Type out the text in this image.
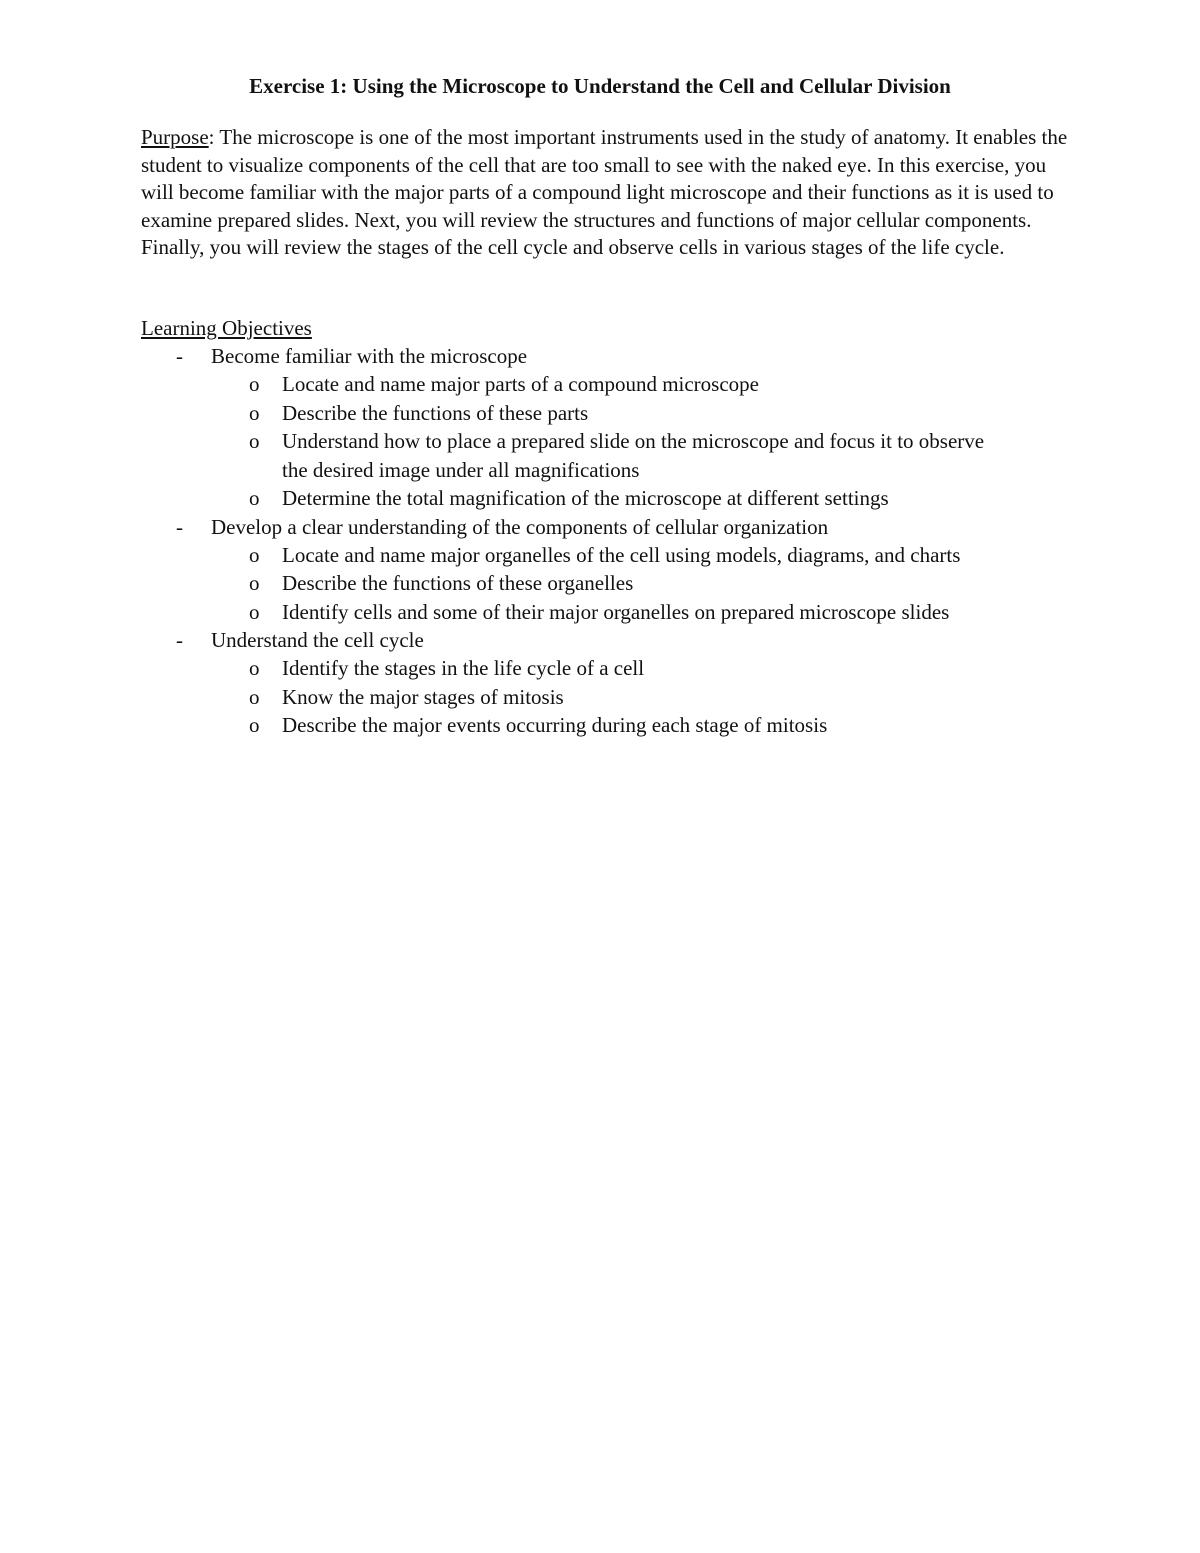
Exercise 1: Using the Microscope to Understand the Cell and Cellular Division

Purpose: The microscope is one of the most important instruments used in the study of anatomy. It enables the student to visualize components of the cell that are too small to see with the naked eye. In this exercise, you will become familiar with the major parts of a compound light microscope and their functions as it is used to examine prepared slides. Next, you will review the structures and functions of major cellular components. Finally, you will review the stages of the cell cycle and observe cells in various stages of the life cycle.

Learning Objectives

- Become familiar with the microscope
o Locate and name major parts of a compound microscope
o Describe the functions of these parts
o Understand how to place a prepared slide on the microscope and focus it to observe the desired image under all magnifications
o Determine the total magnification of the microscope at different settings
- Develop a clear understanding of the components of cellular organization
o Locate and name major organelles of the cell using models, diagrams, and charts
o Describe the functions of these organelles
o Identify cells and some of their major organelles on prepared microscope slides
- Understand the cell cycle
o Identify the stages in the life cycle of a cell
o Know the major stages of mitosis
o Describe the major events occurring during each stage of mitosis
